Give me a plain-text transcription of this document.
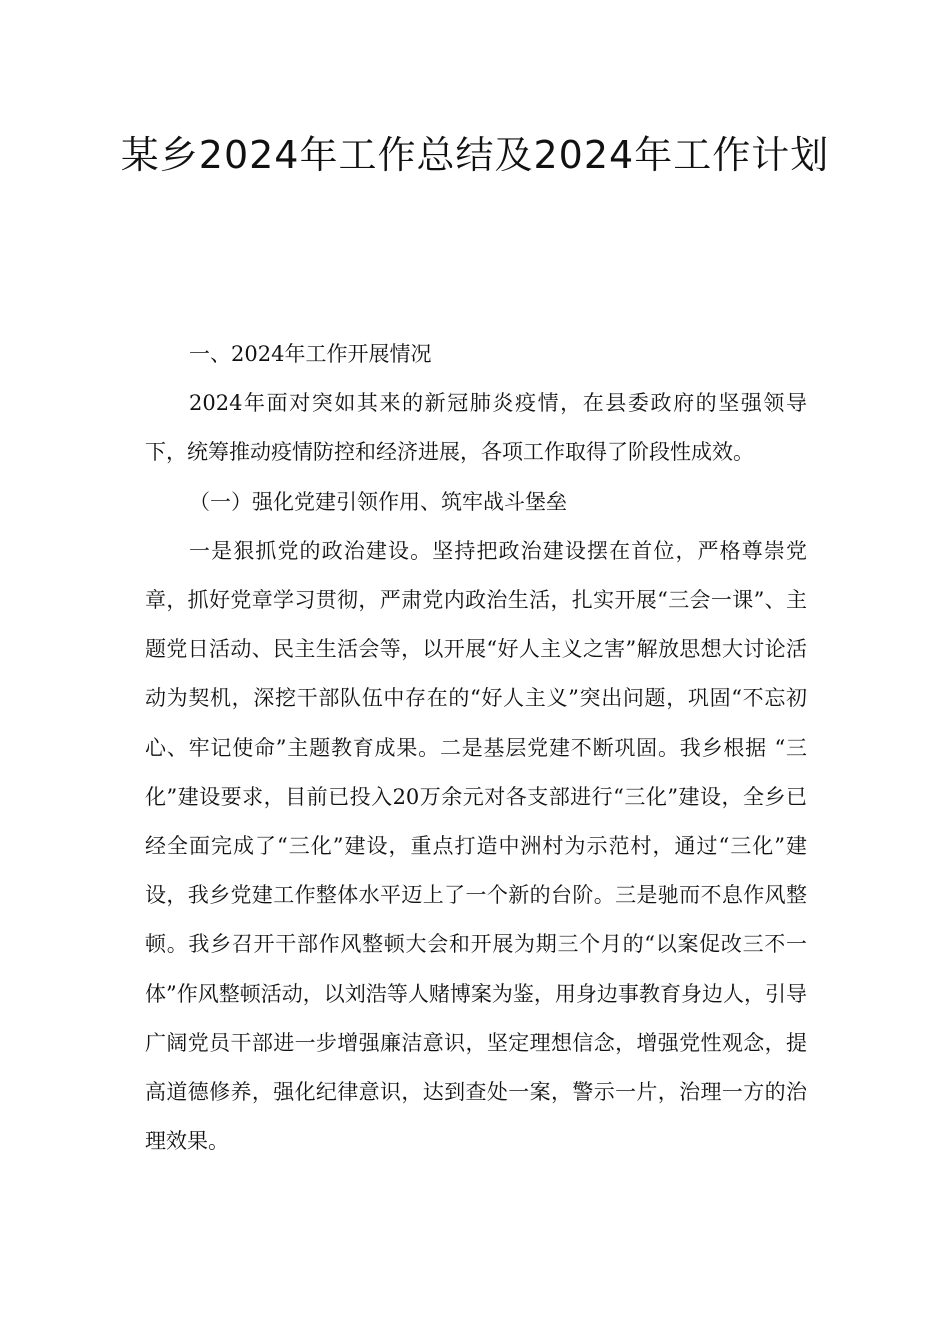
某乡2024年工作总结及2024年工作计划

一、2024年工作开展情况

2024年面对突如其来的新冠肺炎疫情，在县委政府的坚强领导下，统筹推动疫情防控和经济进展，各项工作取得了阶段性成效。

（一）强化党建引领作用、筑牢战斗堡垒

一是狠抓党的政治建设。坚持把政治建设摆在首位，严格尊崇党章，抓好党章学习贯彻，严肃党内政治生活，扎实开展“三会一课”、主题党日活动、民主生活会等，以开展“好人主义之害”解放思想大讨论活动为契机，深挖干部队伍中存在的“好人主义”突出问题，巩固“不忘初心、牢记使命”主题教育成果。二是基层党建不断巩固。我乡根据 “三化”建设要求，目前已投入20万余元对各支部进行“三化”建设，全乡已经全面完成了“三化”建设，重点打造中洲村为示范村，通过“三化”建设，我乡党建工作整体水平迈上了一个新的台阶。三是驰而不息作风整顿。我乡召开干部作风整顿大会和开展为期三个月的“以案促改三不一体”作风整顿活动，以刘浩等人赌博案为鉴，用身边事教育身边人，引导广阔党员干部进一步增强廉洁意识，坚定理想信念，增强党性观念，提高道德修养，强化纪律意识，达到查处一案，警示一片，治理一方的治理效果。
